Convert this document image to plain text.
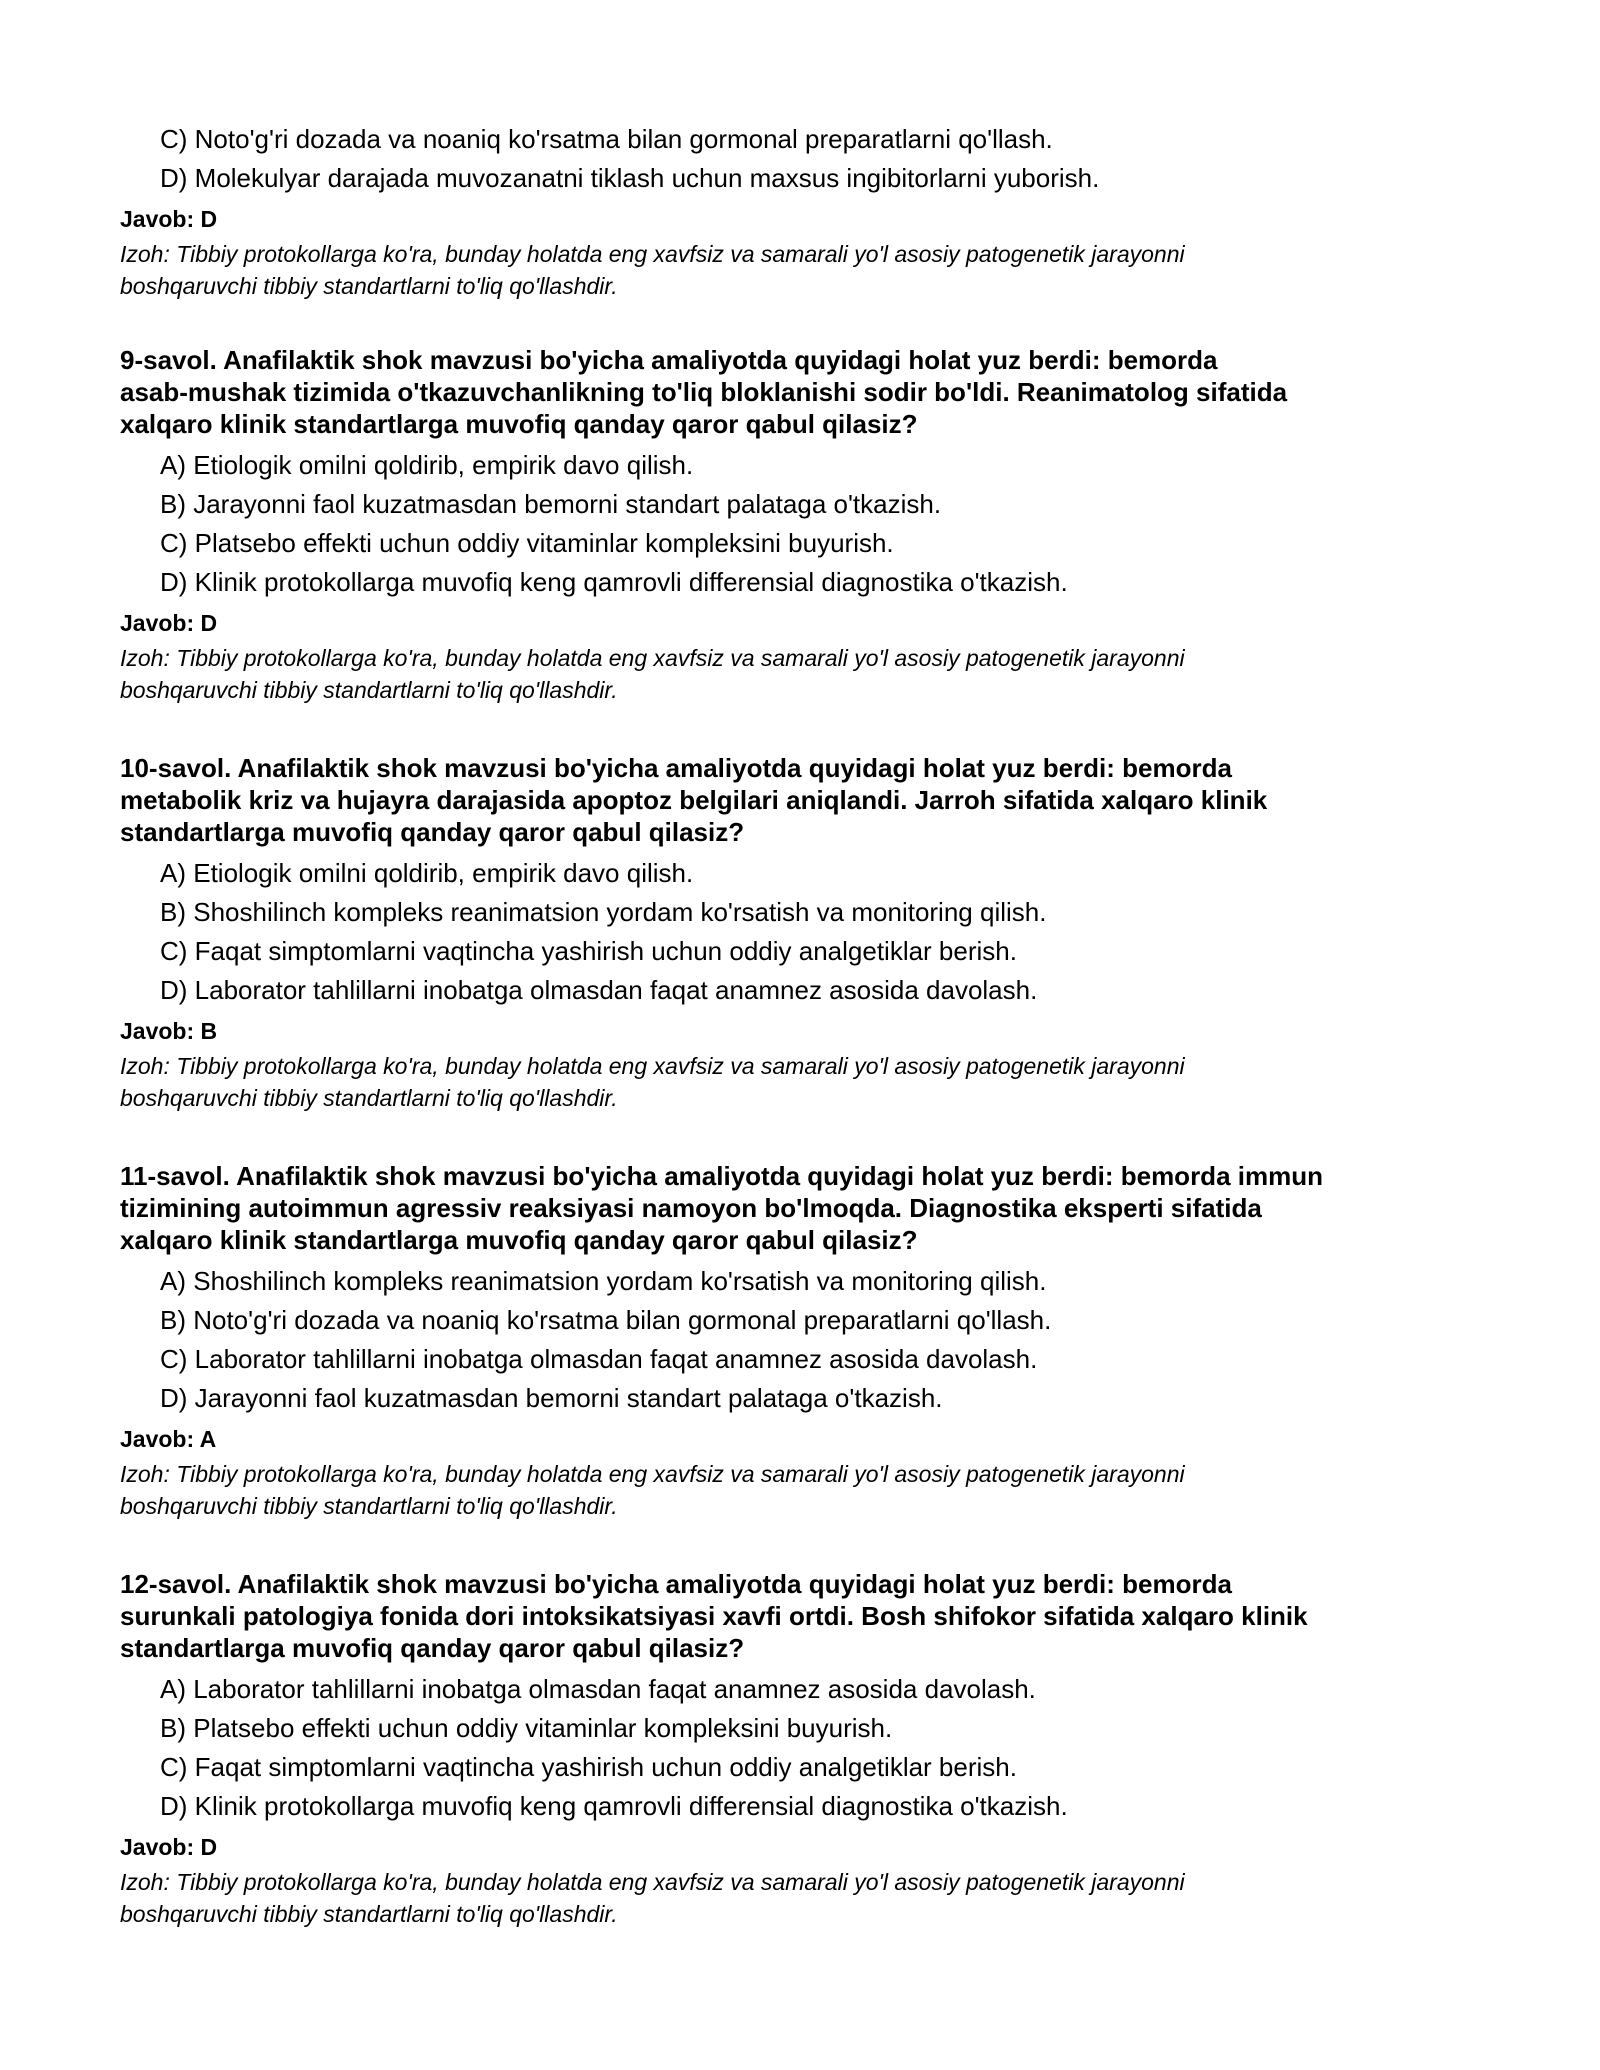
C) Noto'g'ri dozada va noaniq ko'rsatma bilan gormonal preparatlarni qo'llash.
D) Molekulyar darajada muvozanatni tiklash uchun maxsus ingibitorlarni yuborish.
Javob: D
Izoh: Tibbiy protokollarga ko'ra, bunday holatda eng xavfsiz va samarali yo'l asosiy patogenetik jarayonni
boshqaruvchi tibbiy standartlarni to'liq qo'llashdir.
9-savol. Anafilaktik shok mavzusi bo'yicha amaliyotda quyidagi holat yuz berdi: bemorda
asab-mushak tizimida o'tkazuvchanlikning to'liq bloklanishi sodir bo'ldi. Reanimatolog sifatida
xalqaro klinik standartlarga muvofiq qanday qaror qabul qilasiz?
A) Etiologik omilni qoldirib, empirik davo qilish.
B) Jarayonni faol kuzatmasdan bemorni standart palataga o'tkazish.
C) Platsebo effekti uchun oddiy vitaminlar kompleksini buyurish.
D) Klinik protokollarga muvofiq keng qamrovli differensial diagnostika o'tkazish.
Javob: D
Izoh: Tibbiy protokollarga ko'ra, bunday holatda eng xavfsiz va samarali yo'l asosiy patogenetik jarayonni
boshqaruvchi tibbiy standartlarni to'liq qo'llashdir.
10-savol. Anafilaktik shok mavzusi bo'yicha amaliyotda quyidagi holat yuz berdi: bemorda
metabolik kriz va hujayra darajasida apoptoz belgilari aniqlandi. Jarroh sifatida xalqaro klinik
standartlarga muvofiq qanday qaror qabul qilasiz?
A) Etiologik omilni qoldirib, empirik davo qilish.
B) Shoshilinch kompleks reanimatsion yordam ko'rsatish va monitoring qilish.
C) Faqat simptomlarni vaqtincha yashirish uchun oddiy analgetiklar berish.
D) Laborator tahlillarni inobatga olmasdan faqat anamnez asosida davolash.
Javob: B
Izoh: Tibbiy protokollarga ko'ra, bunday holatda eng xavfsiz va samarali yo'l asosiy patogenetik jarayonni
boshqaruvchi tibbiy standartlarni to'liq qo'llashdir.
11-savol. Anafilaktik shok mavzusi bo'yicha amaliyotda quyidagi holat yuz berdi: bemorda immun
tizimining autoimmun agressiv reaksiyasi namoyon bo'lmoqda. Diagnostika eksperti sifatida
xalqaro klinik standartlarga muvofiq qanday qaror qabul qilasiz?
A) Shoshilinch kompleks reanimatsion yordam ko'rsatish va monitoring qilish.
B) Noto'g'ri dozada va noaniq ko'rsatma bilan gormonal preparatlarni qo'llash.
C) Laborator tahlillarni inobatga olmasdan faqat anamnez asosida davolash.
D) Jarayonni faol kuzatmasdan bemorni standart palataga o'tkazish.
Javob: A
Izoh: Tibbiy protokollarga ko'ra, bunday holatda eng xavfsiz va samarali yo'l asosiy patogenetik jarayonni
boshqaruvchi tibbiy standartlarni to'liq qo'llashdir.
12-savol. Anafilaktik shok mavzusi bo'yicha amaliyotda quyidagi holat yuz berdi: bemorda
surunkali patologiya fonida dori intoksikatsiyasi xavfi ortdi. Bosh shifokor sifatida xalqaro klinik
standartlarga muvofiq qanday qaror qabul qilasiz?
A) Laborator tahlillarni inobatga olmasdan faqat anamnez asosida davolash.
B) Platsebo effekti uchun oddiy vitaminlar kompleksini buyurish.
C) Faqat simptomlarni vaqtincha yashirish uchun oddiy analgetiklar berish.
D) Klinik protokollarga muvofiq keng qamrovli differensial diagnostika o'tkazish.
Javob: D
Izoh: Tibbiy protokollarga ko'ra, bunday holatda eng xavfsiz va samarali yo'l asosiy patogenetik jarayonni
boshqaruvchi tibbiy standartlarni to'liq qo'llashdir.
